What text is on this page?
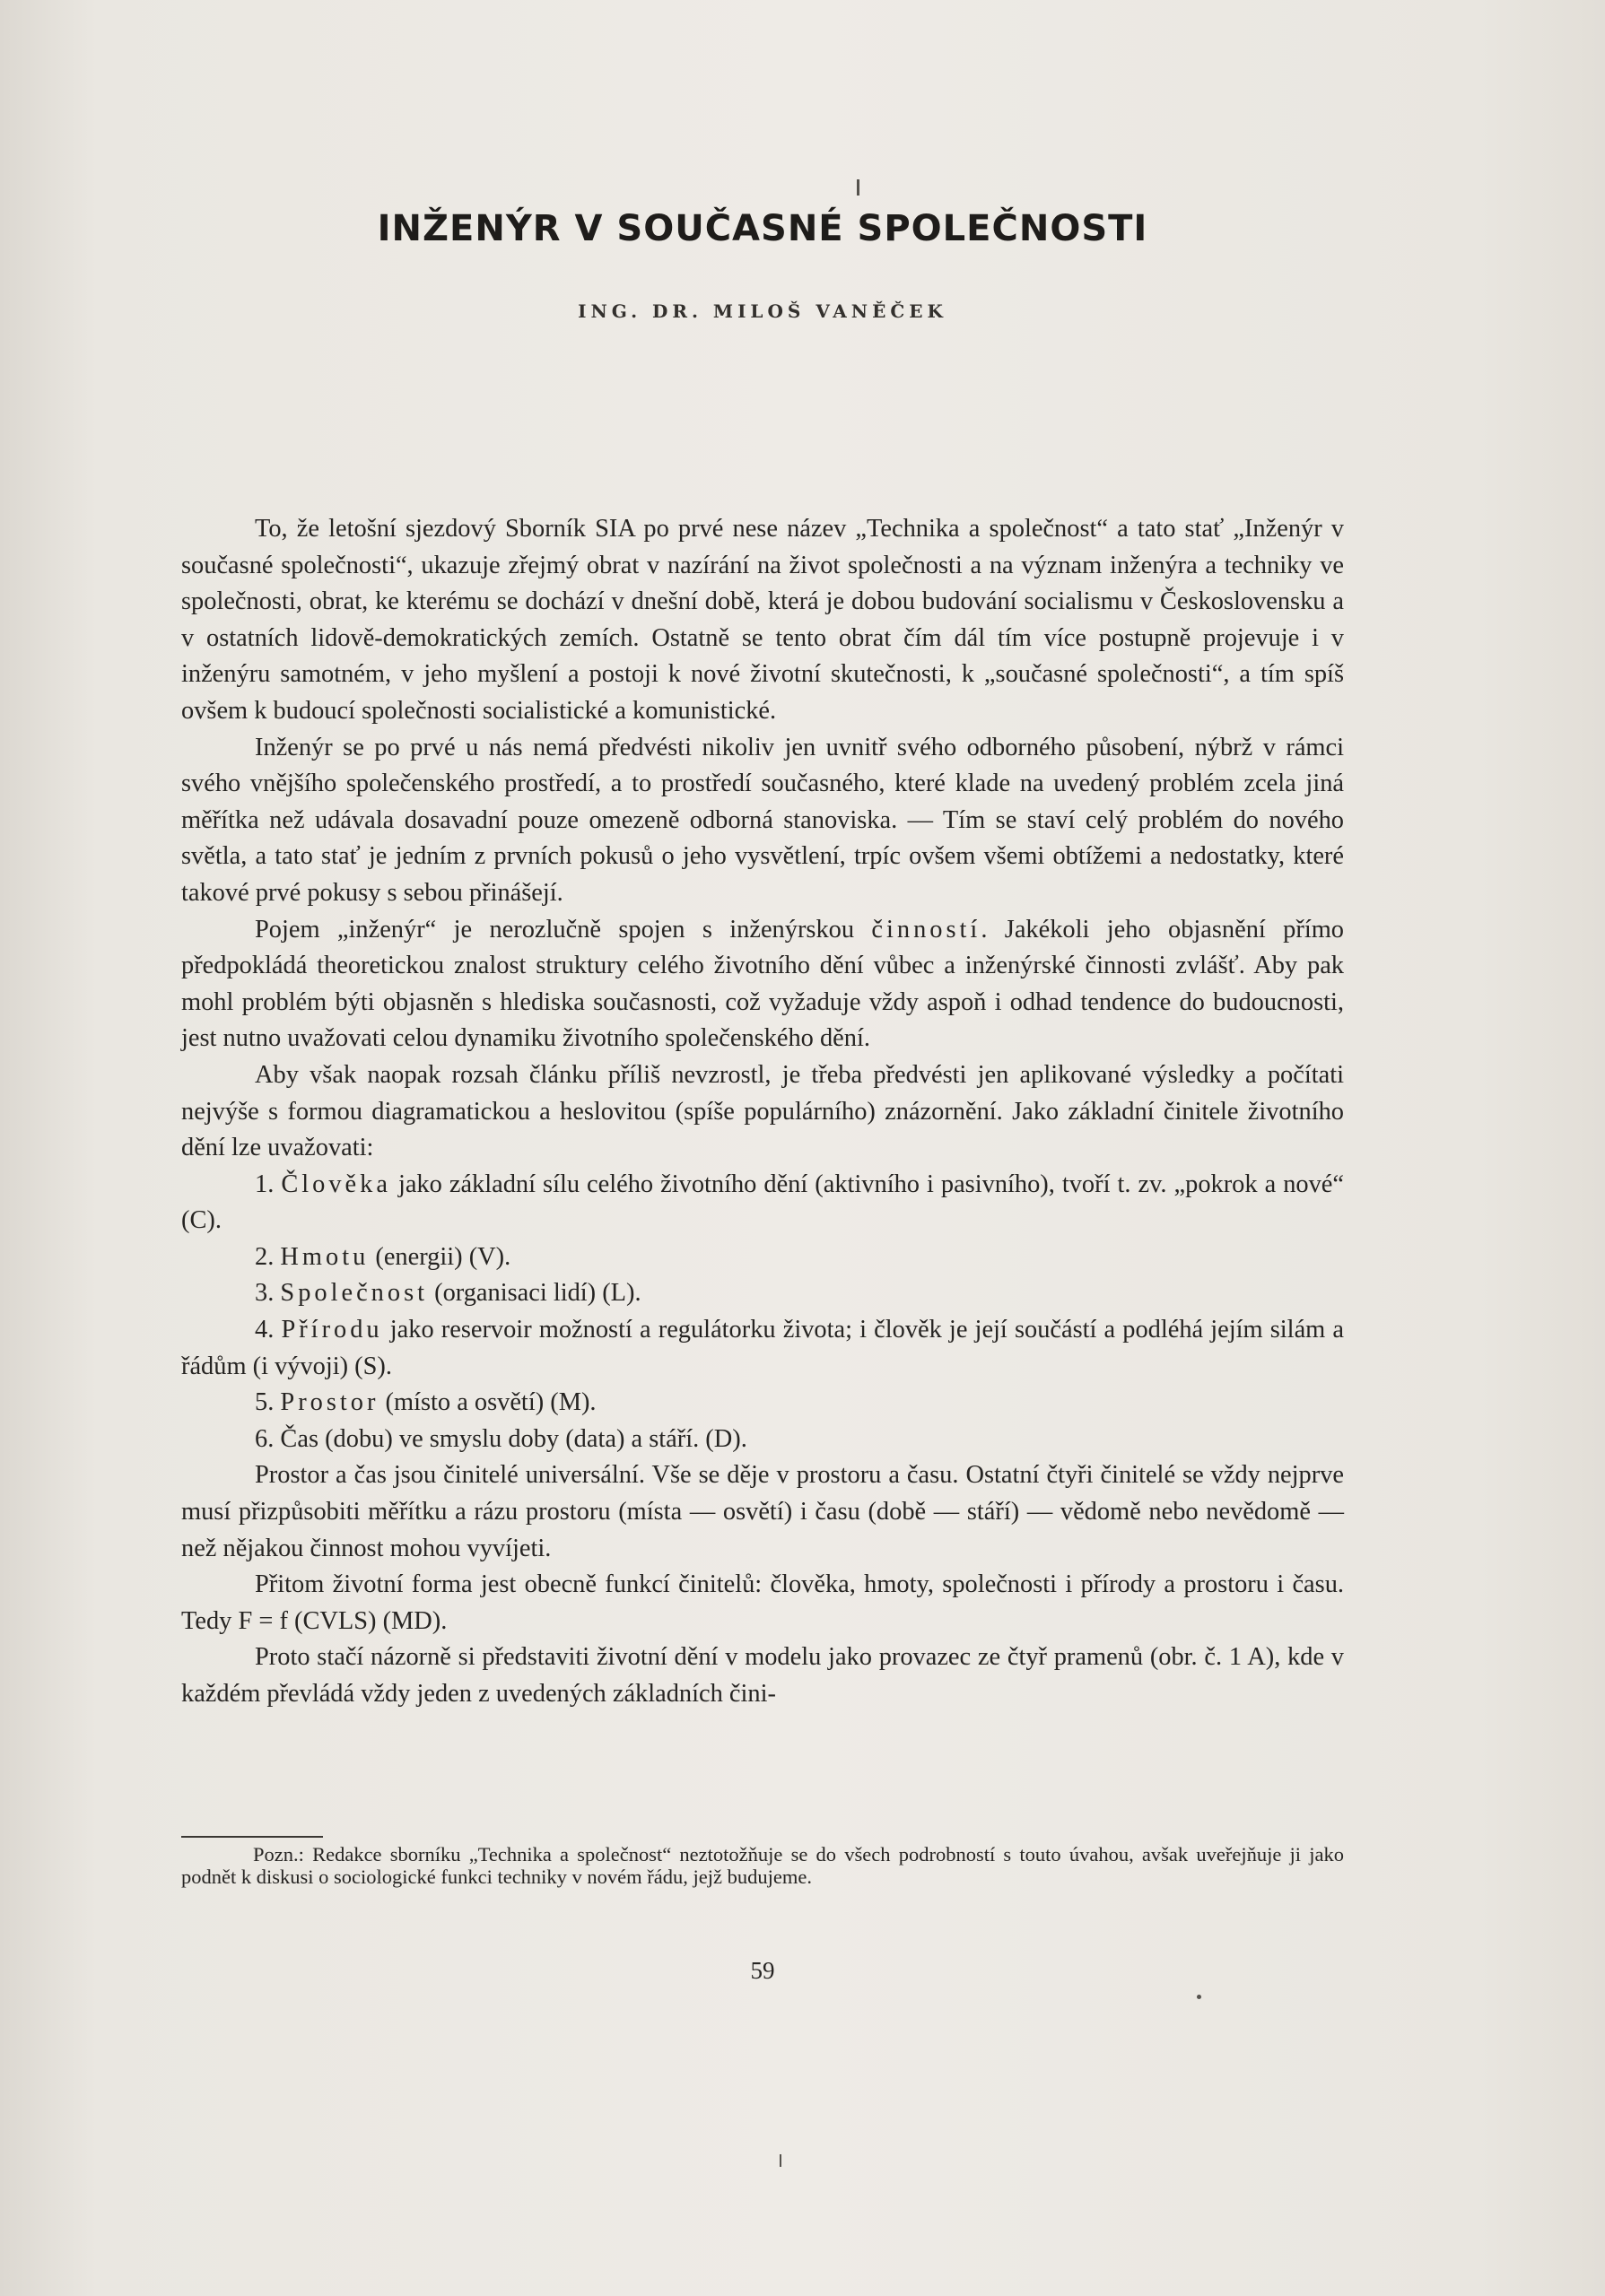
INŽENÝR V SOUČASNÉ SPOLEČNOSTI
ING. DR. MILOŠ VANĚČEK

To, že letošní sjezdový Sborník SIA po prvé nese název „Technika a společnost“ a tato stať „Inženýr v současné společnosti“, ukazuje zřejmý obrat v nazírání na život společnosti a na význam inženýra a techniky ve společnosti, obrat, ke kterému se dochází v dnešní době, která je dobou budování socialismu v Československu a v ostatních lidově-demokratických zemích. Ostatně se tento obrat čím dál tím více postupně projevuje i v inženýru samotném, v jeho myšlení a postoji k nové životní skutečnosti, k „současné společnosti“, a tím spíš ovšem k budoucí společnosti socialistické a komunistické.

Inženýr se po prvé u nás nemá předvésti nikoliv jen uvnitř svého odborného působení, nýbrž v rámci svého vnějšího společenského prostředí, a to prostředí současného, které klade na uvedený problém zcela jiná měřítka než udávala dosavadní pouze omezeně odborná stanoviska. — Tím se staví celý problém do nového světla, a tato stať je jedním z prvních pokusů o jeho vysvětlení, trpíc ovšem všemi obtížemi a nedostatky, které takové prvé pokusy s sebou přinášejí.

Pojem „inženýr“ je nerozlučně spojen s inženýrskou činností. Jakékoli jeho objasnění přímo předpokládá theoretickou znalost struktury celého životního dění vůbec a inženýrské činnosti zvlášť. Aby pak mohl problém býti objasněn s hlediska současnosti, což vyžaduje vždy aspoň i odhad tendence do budoucnosti, jest nutno uvažovati celou dynamiku životního společenského dění.

Aby však naopak rozsah článku příliš nevzrostl, je třeba předvésti jen aplikované výsledky a počítati nejvýše s formou diagramatickou a heslovitou (spíše populárního) znázornění. Jako základní činitele životního dění lze uvažovati:

1. Člověka jako základní sílu celého životního dění (aktivního i pasivního), tvoří t. zv. „pokrok a nové“ (C).

2. Hmotu (energii) (V).

3. Společnost (organisaci lidí) (L).

4. Přírodu jako reservoir možností a regulátorku života; i člověk je její součástí a podléhá jejím silám a řádům (i vývoji) (S).

5. Prostor (místo a osvětí) (M).

6. Čas (dobu) ve smyslu doby (data) a stáří. (D).

Prostor a čas jsou činitelé universální. Vše se děje v prostoru a času. Ostatní čtyři činitelé se vždy nejprve musí přizpůsobiti měřítku a rázu prostoru (místa — osvětí) i času (době — stáří) — vědomě nebo nevědomě — než nějakou činnost mohou vyvíjeti.

Přitom životní forma jest obecně funkcí činitelů: člověka, hmoty, společnosti i přírody a prostoru i času. Tedy F = f (CVLS) (MD).

Proto stačí názorně si představiti životní dění v modelu jako provazec ze čtyř pramenů (obr. č. 1 A), kde v každém převládá vždy jeden z uvedených základních čini-

Pozn.: Redakce sborníku „Technika a společnost“ neztotožňuje se do všech podrobností s touto úvahou, avšak uveřejňuje ji jako podnět k diskusi o sociologické funkci techniky v novém řádu, jejž budujeme.
59
